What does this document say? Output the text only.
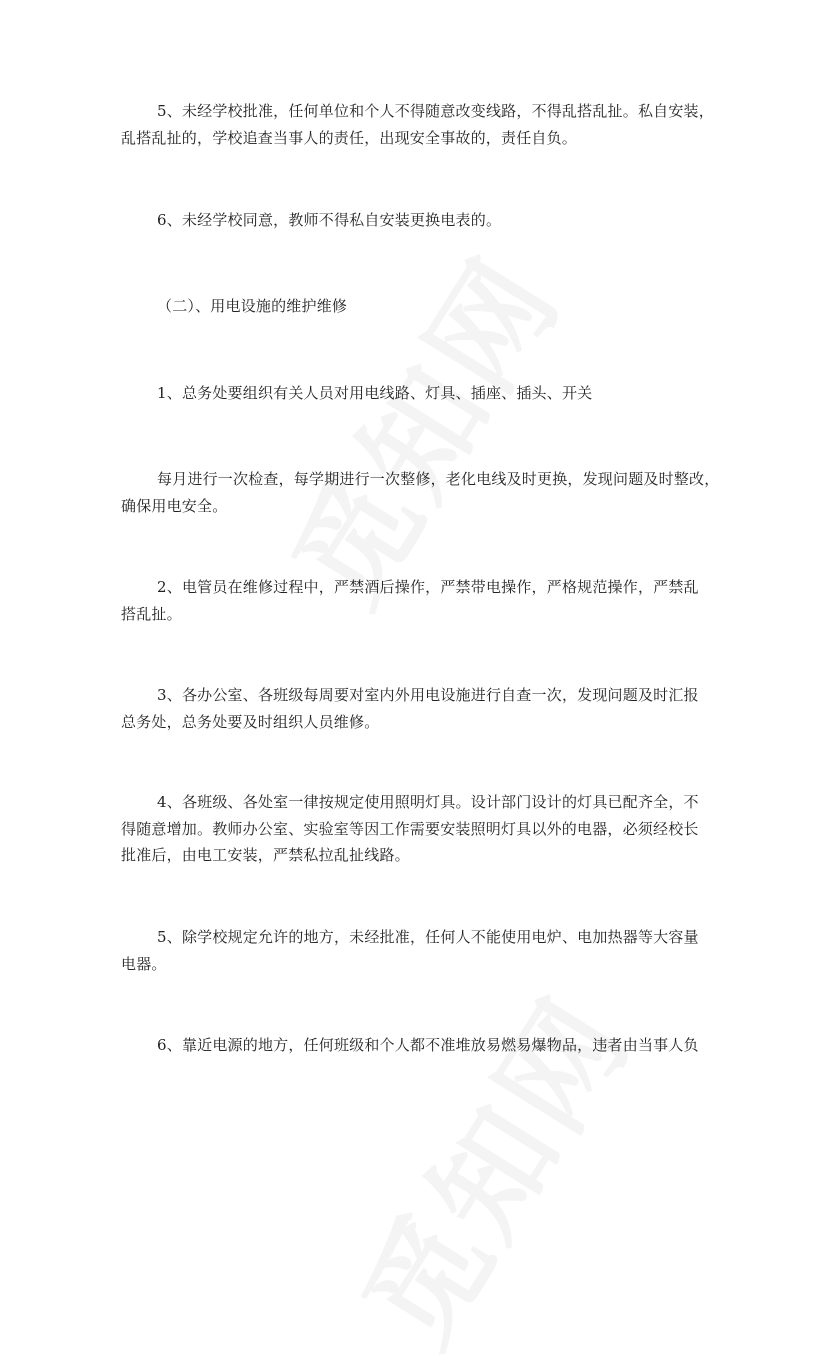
5、未经学校批准，任何单位和个人不得随意改变线路，不得乱搭乱扯。私自安装，
乱搭乱扯的，学校追查当事人的责任，出现安全事故的，责任自负。
6、未经学校同意，教师不得私自安装更换电表的。
（二）、用电设施的维护维修
1、总务处要组织有关人员对用电线路、灯具、插座、插头、开关
每月进行一次检查，每学期进行一次整修，老化电线及时更换，发现问题及时整改，
确保用电安全。
2、电管员在维修过程中，严禁酒后操作，严禁带电操作，严格规范操作，严禁乱
搭乱扯。
3、各办公室、各班级每周要对室内外用电设施进行自查一次，发现问题及时汇报
总务处，总务处要及时组织人员维修。
4、各班级、各处室一律按规定使用照明灯具。设计部门设计的灯具已配齐全，不
得随意增加。教师办公室、实验室等因工作需要安装照明灯具以外的电器，必须经校长
批准后，由电工安装，严禁私拉乱扯线路。
5、除学校规定允许的地方，未经批准，任何人不能使用电炉、电加热器等大容量
电器。
6、靠近电源的地方，任何班级和个人都不准堆放易燃易爆物品，违者由当事人负
